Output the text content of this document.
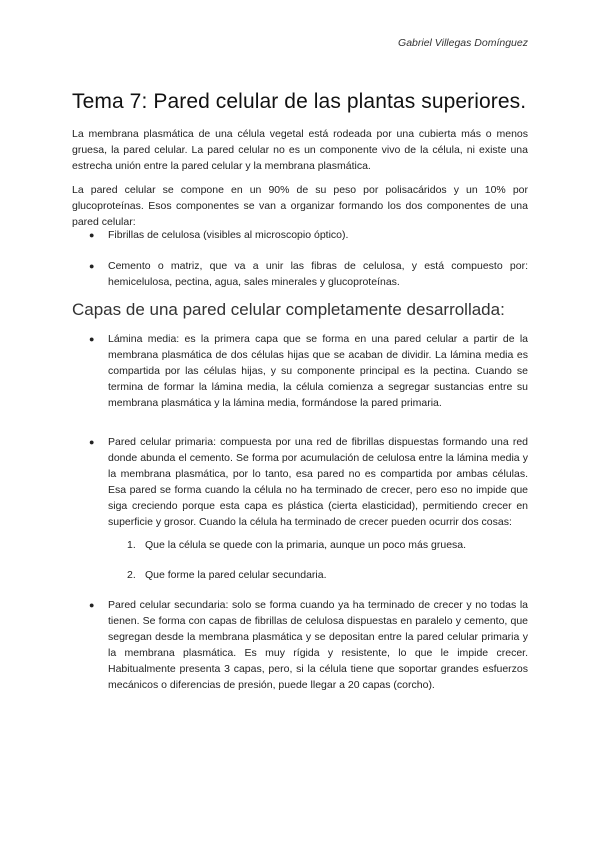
Gabriel Villegas Domínguez
Tema 7: Pared celular de las plantas superiores.

La membrana plasmática de una célula vegetal está rodeada por una cubierta más o menos gruesa, la pared celular. La pared celular no es un componente vivo de la célula, ni existe una estrecha unión entre la pared celular y la membrana plasmática.

La pared celular se compone en un 90% de su peso por polisacáridos y un 10% por glucoproteínas. Esos componentes se van a organizar formando los dos componentes de una pared celular:

● Fibrillas de celulosa (visibles al microscopio óptico).
● Cemento o matriz, que va a unir las fibras de celulosa, y está compuesto por: hemicelulosa, pectina, agua, sales minerales y glucoproteínas.
Capas de una pared celular completamente desarrollada:
● Lámina media: es la primera capa que se forma en una pared celular a partir de la membrana plasmática de dos células hijas que se acaban de dividir. La lámina media es compartida por las células hijas, y su componente principal es la pectina. Cuando se termina de formar la lámina media, la célula comienza a segregar sustancias entre su membrana plasmática y la lámina media, formándose la pared primaria.
● Pared celular primaria: compuesta por una red de fibrillas dispuestas formando una red donde abunda el cemento. Se forma por acumulación de celulosa entre la lámina media y la membrana plasmática, por lo tanto, esa pared no es compartida por ambas células. Esa pared se forma cuando la célula no ha terminado de crecer, pero eso no impide que siga creciendo porque esta capa es plástica (cierta elasticidad), permitiendo crecer en superficie y grosor. Cuando la célula ha terminado de crecer pueden ocurrir dos cosas:
1. Que la célula se quede con la primaria, aunque un poco más gruesa.
2. Que forme la pared celular secundaria.
● Pared celular secundaria: solo se forma cuando ya ha terminado de crecer y no todas la tienen. Se forma con capas de fibrillas de celulosa dispuestas en paralelo y cemento, que segregan desde la membrana plasmática y se depositan entre la pared celular primaria y la membrana plasmática. Es muy rígida y resistente, lo que le impide crecer. Habitualmente presenta 3 capas, pero, si la célula tiene que soportar grandes esfuerzos mecánicos o diferencias de presión, puede llegar a 20 capas (corcho).
